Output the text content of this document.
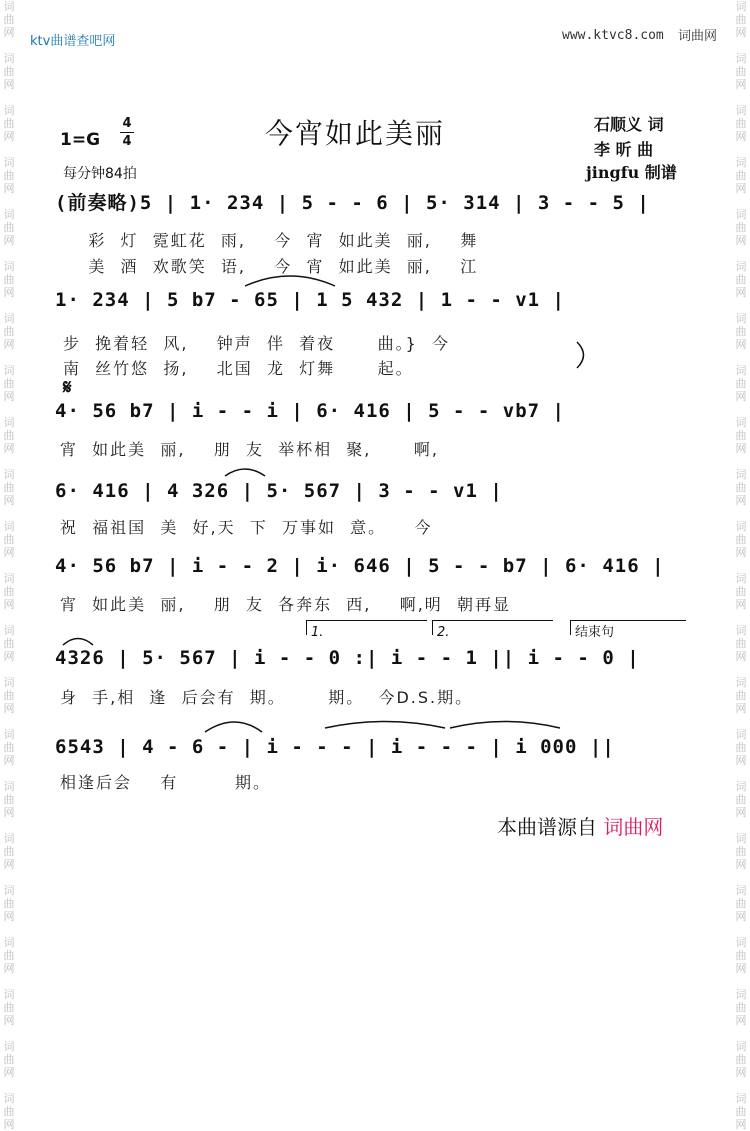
词
曲
网

词
曲
网

词
曲
网

词
曲
网

词
曲
网

词
曲
网

词
曲
网

词
曲
网

词
曲
网

词
曲
网

词
曲
网

词
曲
网

词
曲
网

词
曲
网

词
曲
网

词
曲
网

词
曲
网

词
曲
网

词
曲
网

词
曲
网

词
曲
网

词
曲
网

词
曲
网

词
曲
网

词
曲
网

词
曲
网

词
曲
网

词
曲
网

词
曲
网

词
曲
网

词
曲
网

词
曲
网

词
曲
网

词
曲
网

词
曲
网

词
曲
网

词
曲
网

词
曲
网

词
曲
网

词
曲
网

词
曲
网

词
曲
网

词
曲
网

词
曲
网

ktv曲谱查吧网	www.ktvc8.com 词曲网
今宵如此美丽
1=G
4
4
每分钟84拍
石顺义 词
李 昕 曲
jingfu 制谱
(前奏略)5 | 1· 234 | 5 - - 6 | 5· 314 | 3 - - 5 |
彩  灯  霓虹花  雨,    今  宵  如此美  丽,    舞
美  酒  欢歌笑  语,    今  宵  如此美  丽,    江
1· 234 | 5 b7 - 65 | 1 5 432 | 1 - - v1 |
步  挽着轻  风,    钟声  伴  着夜      曲。}  今
南  丝竹悠  扬,    北国  龙  灯舞      起。
𝄋
4· 56 b7 | i - - i | 6· 416 | 5 - - vb7 |
宵  如此美  丽,    朋  友  举杯相  聚,      啊,
6· 416 | 4 326 | 5· 567 | 3 - - v1 |
祝  福祖国  美  好,天  下  万事如  意。    今
4· 56 b7 | i - - 2 | i· 646 | 5 - - b7 | 6· 416 |
宵  如此美  丽,    朋  友  各奔东  西,    啊,明  朝再显
1.	2.	结束句
4326 | 5· 567 | i - - 0 :| i - - 1 || i - - 0 |
身  手,相  逢  后会有  期。      期。  今D.S.期。
6543 | 4 - 6 - | i - - - | i - - - | i 000 ||
相逢后会    有        期。
本曲谱源自 词曲网
